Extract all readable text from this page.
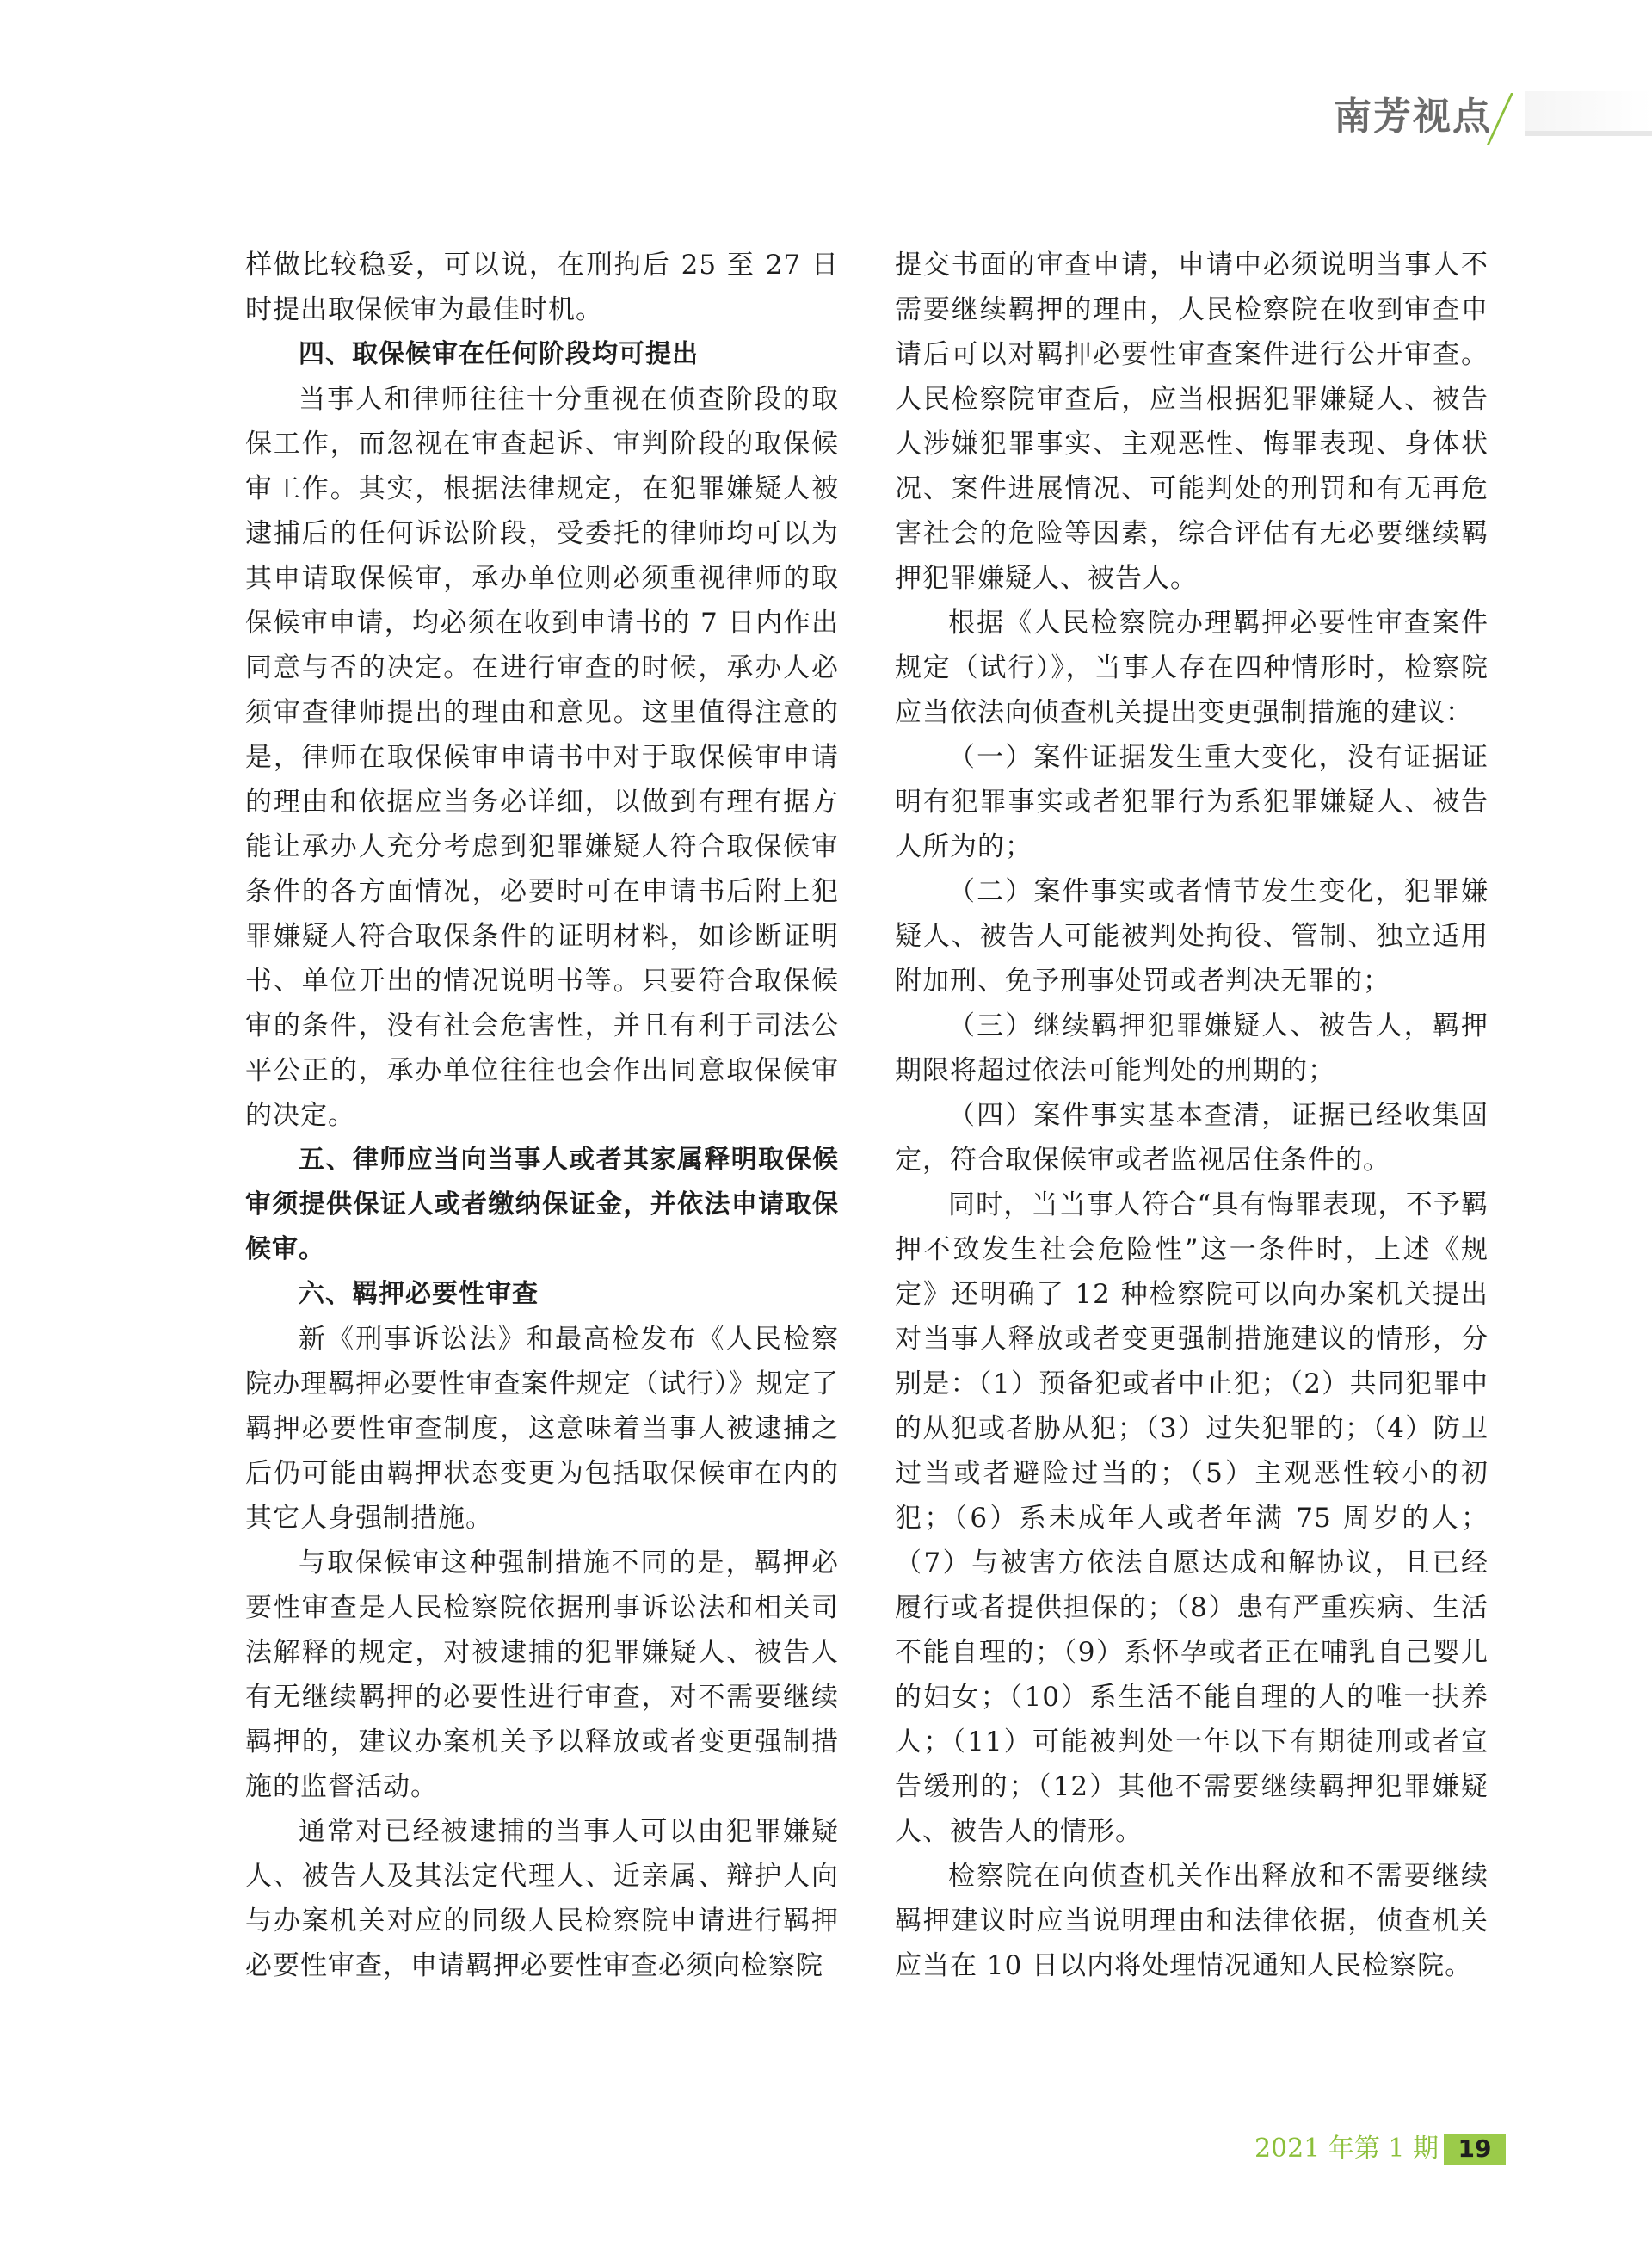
南芳视点

样做比较稳妥，可以说，在刑拘后 25 至 27 日时提出取保候审为最佳时机。

四、取保候审在任何阶段均可提出

当事人和律师往往十分重视在侦查阶段的取保工作，而忽视在审查起诉、审判阶段的取保候审工作。其实，根据法律规定，在犯罪嫌疑人被逮捕后的任何诉讼阶段，受委托的律师均可以为其申请取保候审，承办单位则必须重视律师的取保候审申请，均必须在收到申请书的 7 日内作出同意与否的决定。在进行审查的时候，承办人必须审查律师提出的理由和意见。这里值得注意的是，律师在取保候审申请书中对于取保候审申请的理由和依据应当务必详细，以做到有理有据方能让承办人充分考虑到犯罪嫌疑人符合取保候审条件的各方面情况，必要时可在申请书后附上犯罪嫌疑人符合取保条件的证明材料，如诊断证明书、单位开出的情况说明书等。只要符合取保候审的条件，没有社会危害性，并且有利于司法公平公正的，承办单位往往也会作出同意取保候审的决定。

五、律师应当向当事人或者其家属释明取保候审须提供保证人或者缴纳保证金，并依法申请取保候审。

六、羁押必要性审查

新《刑事诉讼法》和最高检发布《人民检察院办理羁押必要性审查案件规定（试行）》规定了羁押必要性审查制度，这意味着当事人被逮捕之后仍可能由羁押状态变更为包括取保候审在内的其它人身强制措施。

与取保候审这种强制措施不同的是，羁押必要性审查是人民检察院依据刑事诉讼法和相关司法解释的规定，对被逮捕的犯罪嫌疑人、被告人有无继续羁押的必要性进行审查，对不需要继续羁押的，建议办案机关予以释放或者变更强制措施的监督活动。

通常对已经被逮捕的当事人可以由犯罪嫌疑人、被告人及其法定代理人、近亲属、辩护人向与办案机关对应的同级人民检察院申请进行羁押必要性审查，申请羁押必要性审查必须向检察院

提交书面的审查申请，申请中必须说明当事人不需要继续羁押的理由，人民检察院在收到审查申请后可以对羁押必要性审查案件进行公开审查。人民检察院审查后，应当根据犯罪嫌疑人、被告人涉嫌犯罪事实、主观恶性、悔罪表现、身体状况、案件进展情况、可能判处的刑罚和有无再危害社会的危险等因素，综合评估有无必要继续羁押犯罪嫌疑人、被告人。

根据《人民检察院办理羁押必要性审查案件规定（试行）》，当事人存在四种情形时，检察院应当依法向侦查机关提出变更强制措施的建议：

（一）案件证据发生重大变化，没有证据证明有犯罪事实或者犯罪行为系犯罪嫌疑人、被告人所为的；

（二）案件事实或者情节发生变化，犯罪嫌疑人、被告人可能被判处拘役、管制、独立适用附加刑、免予刑事处罚或者判决无罪的；

（三）继续羁押犯罪嫌疑人、被告人，羁押期限将超过依法可能判处的刑期的；

（四）案件事实基本查清，证据已经收集固定，符合取保候审或者监视居住条件的。

同时，当当事人符合“具有悔罪表现，不予羁押不致发生社会危险性”这一条件时，上述《规定》还明确了 12 种检察院可以向办案机关提出对当事人释放或者变更强制措施建议的情形，分别是：（1）预备犯或者中止犯；（2）共同犯罪中的从犯或者胁从犯；（3）过失犯罪的；（4）防卫过当或者避险过当的；（5）主观恶性较小的初犯；（6）系未成年人或者年满 75 周岁的人；（7）与被害方依法自愿达成和解协议，且已经履行或者提供担保的；（8）患有严重疾病、生活不能自理的；（9）系怀孕或者正在哺乳自己婴儿的妇女；（10）系生活不能自理的人的唯一扶养人；（11）可能被判处一年以下有期徒刑或者宣告缓刑的；（12）其他不需要继续羁押犯罪嫌疑人、被告人的情形。

检察院在向侦查机关作出释放和不需要继续羁押建议时应当说明理由和法律依据，侦查机关应当在 10 日以内将处理情况通知人民检察院。

2021 年第 1 期 19
